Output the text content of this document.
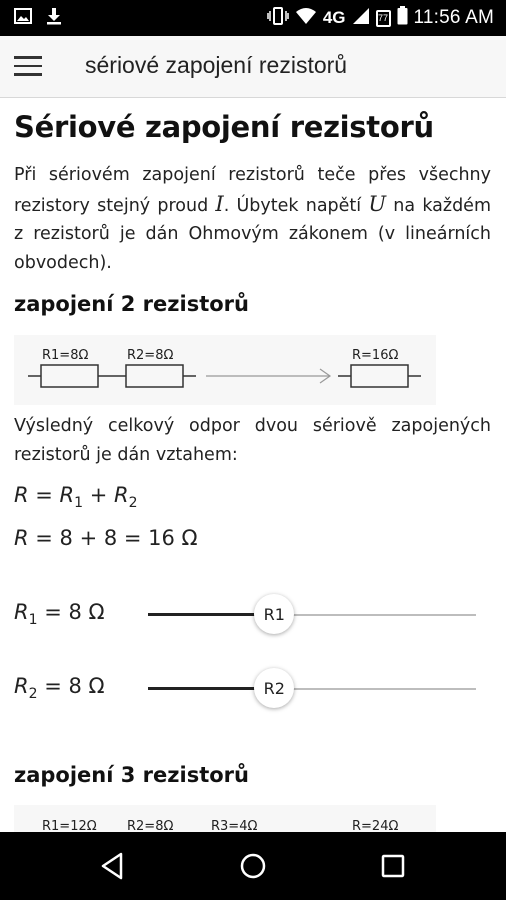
4G	77 11:56 AM
sériové zapojení rezistorů
Sériové zapojení rezistorů
Při sériovém zapojení rezistorů teče přes všechny rezistory stejný proud I. Úbytek napětí U na každém z rezistorů je dán Ohmovým zákonem (v lineárních obvodech).
zapojení 2 rezistorů
R1=8Ω	R2=8Ω	R=16Ω
Výsledný celkový odpor dvou sériově zapojených rezistorů je dán vztahem:
$R = R_1 + R_2$
R = 8 + 8 = 16 Ω
$R_1 = 8$ Ω	R1
$R_2 = 8$ Ω	R2
zapojení 3 rezistorů
R1=12Ω R2=8Ω	R3=4Ω	R=24Ω
